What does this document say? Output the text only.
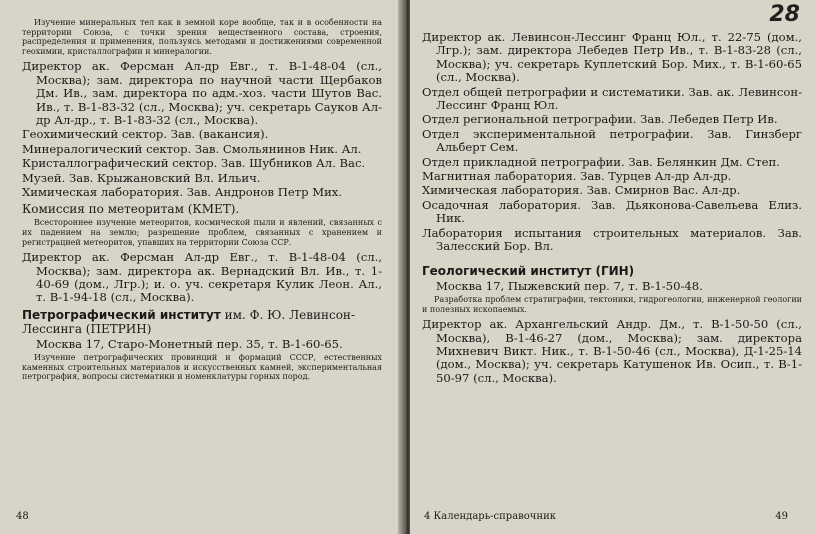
Изучение минеральных тел как в земной коре вообще, так и в особенности на территории Союза, с точки зрения вещественного состава, строения, распределения и применения, пользуясь методами и достижениями современной геохимии, кристаллографии и минералогии.

Директор ак. Ферсман Ал-др Евг., т. В-1-48-04 (сл., Москва); зам. директора по научной части Щербаков Дм. Ив., зам. директора по адм.-хоз. части Шутов Вас. Ив., т. В-1-83-32 (сл., Москва); уч. секретарь Сауков Ал-др Ал-др., т. В-1-83-32 (сл., Москва).

Геохимический сектор. Зав. (вакансия).

Минералогический сектор. Зав. Смольянинов Ник. Ал.

Кристаллографический сектор. Зав. Шубников Ал. Вас.

Музей. Зав. Крыжановский Вл. Ильич.

Химическая лаборатория. Зав. Андронов Петр Мих.

Комиссия по метеоритам (КМЕТ).

Всестороннее изучение метеоритов, космической пыли и явлений, связанных с их падением на землю; разрешение проблем, связанных с хранением и регистрацией метеоритов, упавших на территории Союза ССР.

Директор ак. Ферсман Ал-др Евг., т. В-1-48-04 (сл., Москва); зам. директора ак. Вернадский Вл. Ив., т. 1-40-69 (дом., Лгр.); и. о. уч. секретаря Кулик Леон. Ал., т. В-1-94-18 (сл., Москва).

Петрографический институт им. Ф. Ю. Левинсон-Лессинга (ПЕТРИН)

Москва 17, Старо-Монетный пер. 35, т. В-1-60-65.

Изучение петрографических провинций и формаций СССР, естественных каменных строительных материалов и искусственных камней, экспериментальная петрография, вопросы систематики и номенклатуры горных пород.

48
28

Директор ак. Левинсон-Лессинг Франц Юл., т. 22-75 (дом., Лгр.); зам. директора Лебедев Петр Ив., т. В-1-83-28 (сл., Москва); уч. секретарь Куплетский Бор. Мих., т. В-1-60-65 (сл., Москва).

Отдел общей петрографии и систематики. Зав. ак. Левинсон-Лессинг Франц Юл.

Отдел региональной петрографии. Зав. Лебедев Петр Ив.

Отдел экспериментальной петрографии. Зав. Гинзберг Альберт Сем.

Отдел прикладной петрографии. Зав. Белянкин Дм. Степ.

Магнитная лаборатория. Зав. Турцев Ал-др Ал-др.

Химическая лаборатория. Зав. Смирнов Вас. Ал-др.

Осадочная лаборатория. Зав. Дьяконова-Савельева Елиз. Ник.

Лаборатория испытания строительных материалов. Зав. Залесский Бор. Вл.

Геологический институт (ГИН)

Москва 17, Пыжевский пер. 7, т. В-1-50-48.

Разработка проблем стратиграфии, тектоники, гидрогеологии, инженерной геологии и полезных ископаемых.

Директор ак. Архангельский Андр. Дм., т. В-1-50-50 (сл., Москва), В-1-46-27 (дом., Москва); зам. директора Михневич Викт. Ник., т. В-1-50-46 (сл., Москва), Д-1-25-14 (дом., Москва); уч. секретарь Катушенок Ив. Осип., т. В-1-50-97 (сл., Москва).

4 Календарь-справочник	49
